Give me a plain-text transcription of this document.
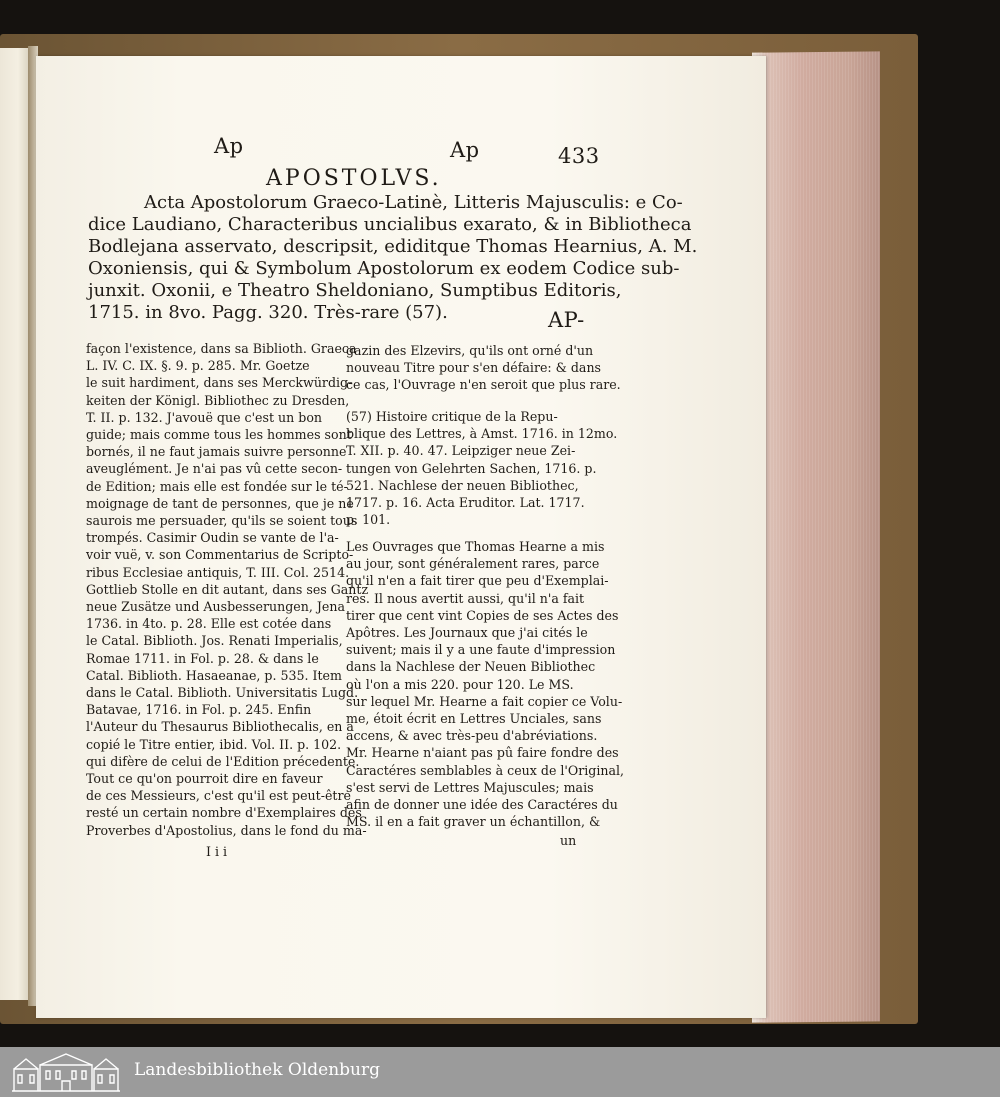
Ap	Ap	433
APOSTOLVS.
Acta Apostolorum Graeco-Latinè, Litteris Majusculis: e Co-
dice Laudiano, Characteribus uncialibus exarato, & in Bibliotheca
Bodlejana asservato, descripsit, ediditque Thomas Hearnius, A. M.
Oxoniensis, qui & Symbolum Apostolorum ex eodem Codice sub-
junxit. Oxonii, e Theatro Sheldoniano, Sumptibus Editoris,
1715. in 8vo. Pagg. 320. Très-rare (57).	AP-
façon l'existence, dans sa Biblioth. Graeca
L. IV. C. IX. §. 9. p. 285. Mr. Goetze
le suit hardiment, dans ses Merckwürdig-
keiten der Königl. Bibliothec zu Dresden,
T. II. p. 132. J'avouë que c'est un bon
guide; mais comme tous les hommes sont
bornés, il ne faut jamais suivre personne
aveuglément. Je n'ai pas vû cette secon-
de Edition; mais elle est fondée sur le té-
moignage de tant de personnes, que je ne
saurois me persuader, qu'ils se soient tous
trompés. Casimir Oudin se vante de l'a-
voir vuë, v. son Commentarius de Scripto-
ribus Ecclesiae antiquis, T. III. Col. 2514.
Gottlieb Stolle en dit autant, dans ses Gantz
neue Zusätze und Ausbesserungen, Jena
1736. in 4to. p. 28. Elle est cotée dans
le Catal. Biblioth. Jos. Renati Imperialis,
Romae 1711. in Fol. p. 28. & dans le
Catal. Biblioth. Hasaeanae, p. 535. Item
dans le Catal. Biblioth. Universitatis Lugd.
Batavae, 1716. in Fol. p. 245. Enfin
l'Auteur du Thesaurus Bibliothecalis, en a
copié le Titre entier, ibid. Vol. II. p. 102.
qui difère de celui de l'Edition précedente.
Tout ce qu'on pourroit dire en faveur
de ces Messieurs, c'est qu'il est peut-être
resté un certain nombre d'Exemplaires des
Proverbes d'Apostolius, dans le fond du ma-
I i i
gazin des Elzevirs, qu'ils ont orné d'un
nouveau Titre pour s'en défaire: & dans
ce cas, l'Ouvrage n'en seroit que plus rare.
(57) Histoire critique de la Repu-
blique des Lettres, à Amst. 1716. in 12mo.
T. XII. p. 40. 47. Leipziger neue Zei-
tungen von Gelehrten Sachen, 1716. p.
521. Nachlese der neuen Bibliothec,
1717. p. 16. Acta Eruditor. Lat. 1717.
p. 101.
Les Ouvrages que Thomas Hearne a mis
au jour, sont généralement rares, parce
qu'il n'en a fait tirer que peu d'Exemplai-
res. Il nous avertit aussi, qu'il n'a fait
tirer que cent vint Copies de ses Actes des
Apôtres. Les Journaux que j'ai cités le
suivent; mais il y a une faute d'impression
dans la Nachlese der Neuen Bibliothec
où l'on a mis 220. pour 120. Le MS.
sur lequel Mr. Hearne a fait copier ce Volu-
me, étoit écrit en Lettres Unciales, sans
accens, & avec très-peu d'abréviations.
Mr. Hearne n'aiant pas pû faire fondre des
Caractéres semblables à ceux de l'Original,
s'est servi de Lettres Majuscules; mais
afin de donner une idée des Caractéres du
MS. il en a fait graver un échantillon, &
un
Landesbibliothek Oldenburg
